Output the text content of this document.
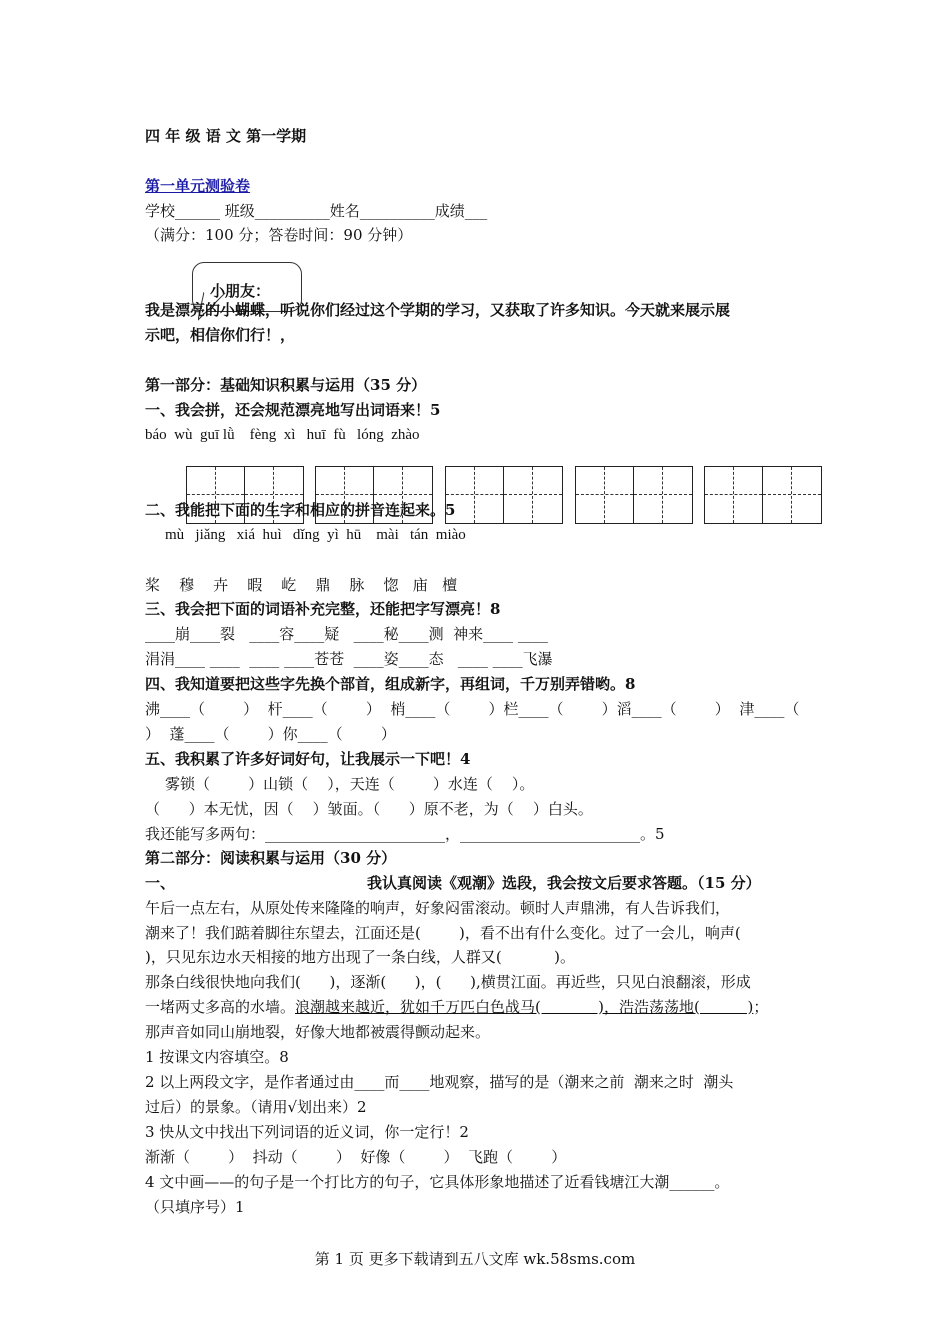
四 年 级 语 文 第一学期
第一单元测验卷
学校______ 班级__________姓名__________成绩___
（满分：100 分；答卷时间：90 分钟）
小朋友：
我是漂亮的小蝴蝶，听说你们经过这个学期的学习，又获取了许多知识。今天就来展示展
示吧，相信你们行！，
第一部分：基础知识积累与运用（35 分）
一、我会拼，还会规范漂亮地写出词语来！5
báo  wù  guī lǜ    fèng  xì   huī  fù   lóng  zhào
二、我能把下面的生字和相应的拼音连起来。5
mù   jiǎng   xiá  huì   dǐng  yì  hū    mài   tán  miào
桨    穆    卉    暇    屹    鼎    脉    惚   庙   檀
三、我会把下面的词语补充完整，还能把字写漂亮！8
____崩____裂   ____容____疑   ____秘____测  神来____ ____
涓涓____ ____  ____ ____苍苍  ____姿____态   ____ ____飞瀑
四、我知道要把这些字先换个部首，组成新字，再组词，千万别弄错哟。8
沸____（        ）  杆____（        ）  梢____（        ）栏____（        ）滔____（        ）  津____（
）  蓬____（        ）你____（        ）
五、我积累了许多好词好句，让我展示一下吧！4
雾锁（        ）山锁（    ），天连（        ）水连（    ）。
（      ）本无忧，因（    ）皱面。（      ）原不老，为（    ）白头。
我还能写多两句：________________________，________________________。5
第二部分：阅读积累与运用（30 分）
一、	我认真阅读《观潮》选段，我会按文后要求答题。（15 分）
午后一点左右，从原处传来隆隆的响声，好象闷雷滚动。顿时人声鼎沸，有人告诉我们，
潮来了！我们踮着脚往东望去，江面还是(        )，看不出有什么变化。过了一会儿，响声(
)，只见东边水天相接的地方出现了一条白线，人群又(           )。
那条白线很快地向我们(      )，逐渐(      )，(      ),横贯江面。再近些，只见白浪翻滚，形成
一堵两丈多高的水墙。浪潮越来越近，犹如千万匹白色战马(            )，浩浩荡荡地(          )；
那声音如同山崩地裂，好像大地都被震得颤动起来。
1 按课文内容填空。8
2 以上两段文字，是作者通过由____而____地观察，描写的是（潮来之前  潮来之时  潮头
过后）的景象。（请用√划出来）2
3 快从文中找出下列词语的近义词，你一定行！2
渐渐（        ）  抖动（        ）  好像（        ）  飞跑（        ）
4 文中画——的句子是一个打比方的句子，它具体形象地描述了近看钱塘江大潮______。
（只填序号）1
第 1 页 更多下载请到五八文库 wk.58sms.com
